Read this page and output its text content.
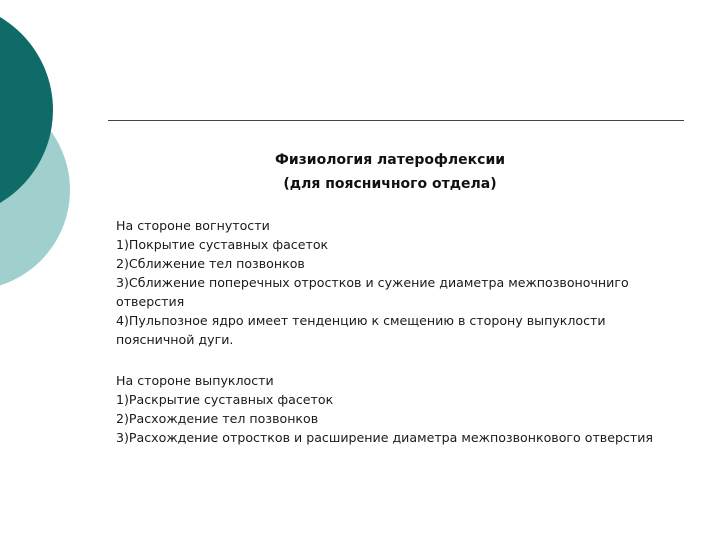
Физиология латерофлексии
(для поясничного отдела)
На стороне вогнутости
1)Покрытие суставных фасеток
2)Сближение тел позвонков
3)Сближение поперечных отростков и сужение диаметра межпозвоночнигo отверстия
4)Пульпозное ядро имеет тенденцию к смещению в сторону выпуклости поясничной дуги.
На стороне выпуклости
1)Раскрытие суставных фасеток
2)Расхождение тел позвонков
3)Расхождение отростков и расширение диаметра межпозвонкового отверстия
